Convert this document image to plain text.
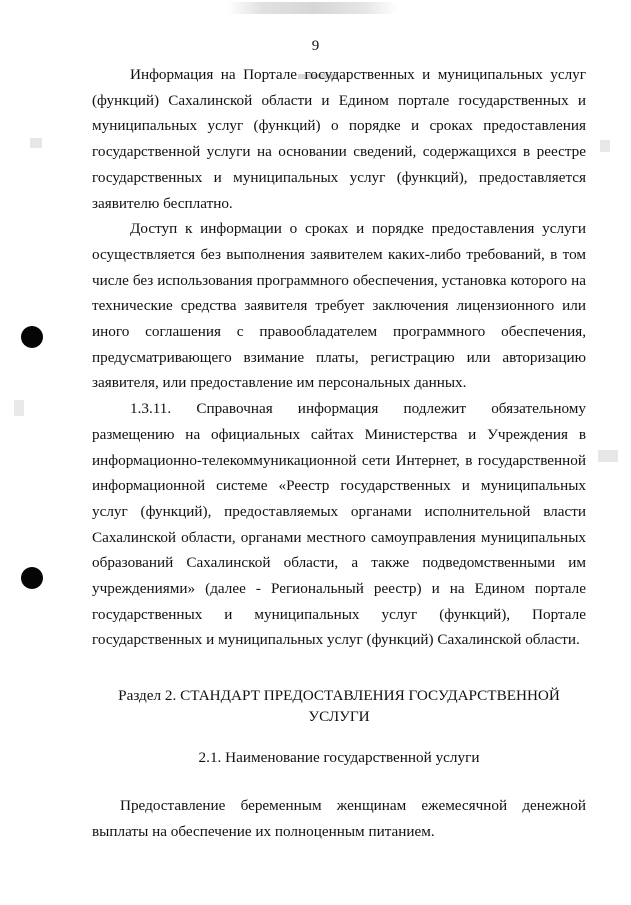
9

Информация на Портале государственных и муниципальных услуг (функций) Сахалинской области и Едином портале государственных и муниципальных услуг (функций) о порядке и сроках предоставления государственной услуги на основании сведений, содержащихся в реестре государственных и муниципальных услуг (функций), предоставляется заявителю бесплатно.

Доступ к информации о сроках и порядке предоставления услуги осуществляется без выполнения заявителем каких-либо требований, в том числе без использования программного обеспечения, установка которого на технические средства заявителя требует заключения лицензионного или иного соглашения с правообладателем программного обеспечения, предусматривающего взимание платы, регистрацию или авторизацию заявителя, или предоставление им персональных данных.

1.3.11. Справочная информация подлежит обязательному размещению на официальных сайтах Министерства и Учреждения в информационно-телекоммуникационной сети Интернет, в государственной информационной системе «Реестр государственных и муниципальных услуг (функций), предоставляемых органами исполнительной власти Сахалинской области, органами местного самоуправления муниципальных образований Сахалинской области, а также подведомственными им учреждениями» (далее - Региональный реестр) и на Едином портале государственных и муниципальных услуг (функций), Портале государственных и муниципальных услуг (функций) Сахалинской области.

Раздел 2. СТАНДАРТ ПРЕДОСТАВЛЕНИЯ ГОСУДАРСТВЕННОЙ УСЛУГИ
2.1. Наименование государственной услуги

Предоставление беременным женщинам ежемесячной денежной выплаты на обеспечение их полноценным питанием.
